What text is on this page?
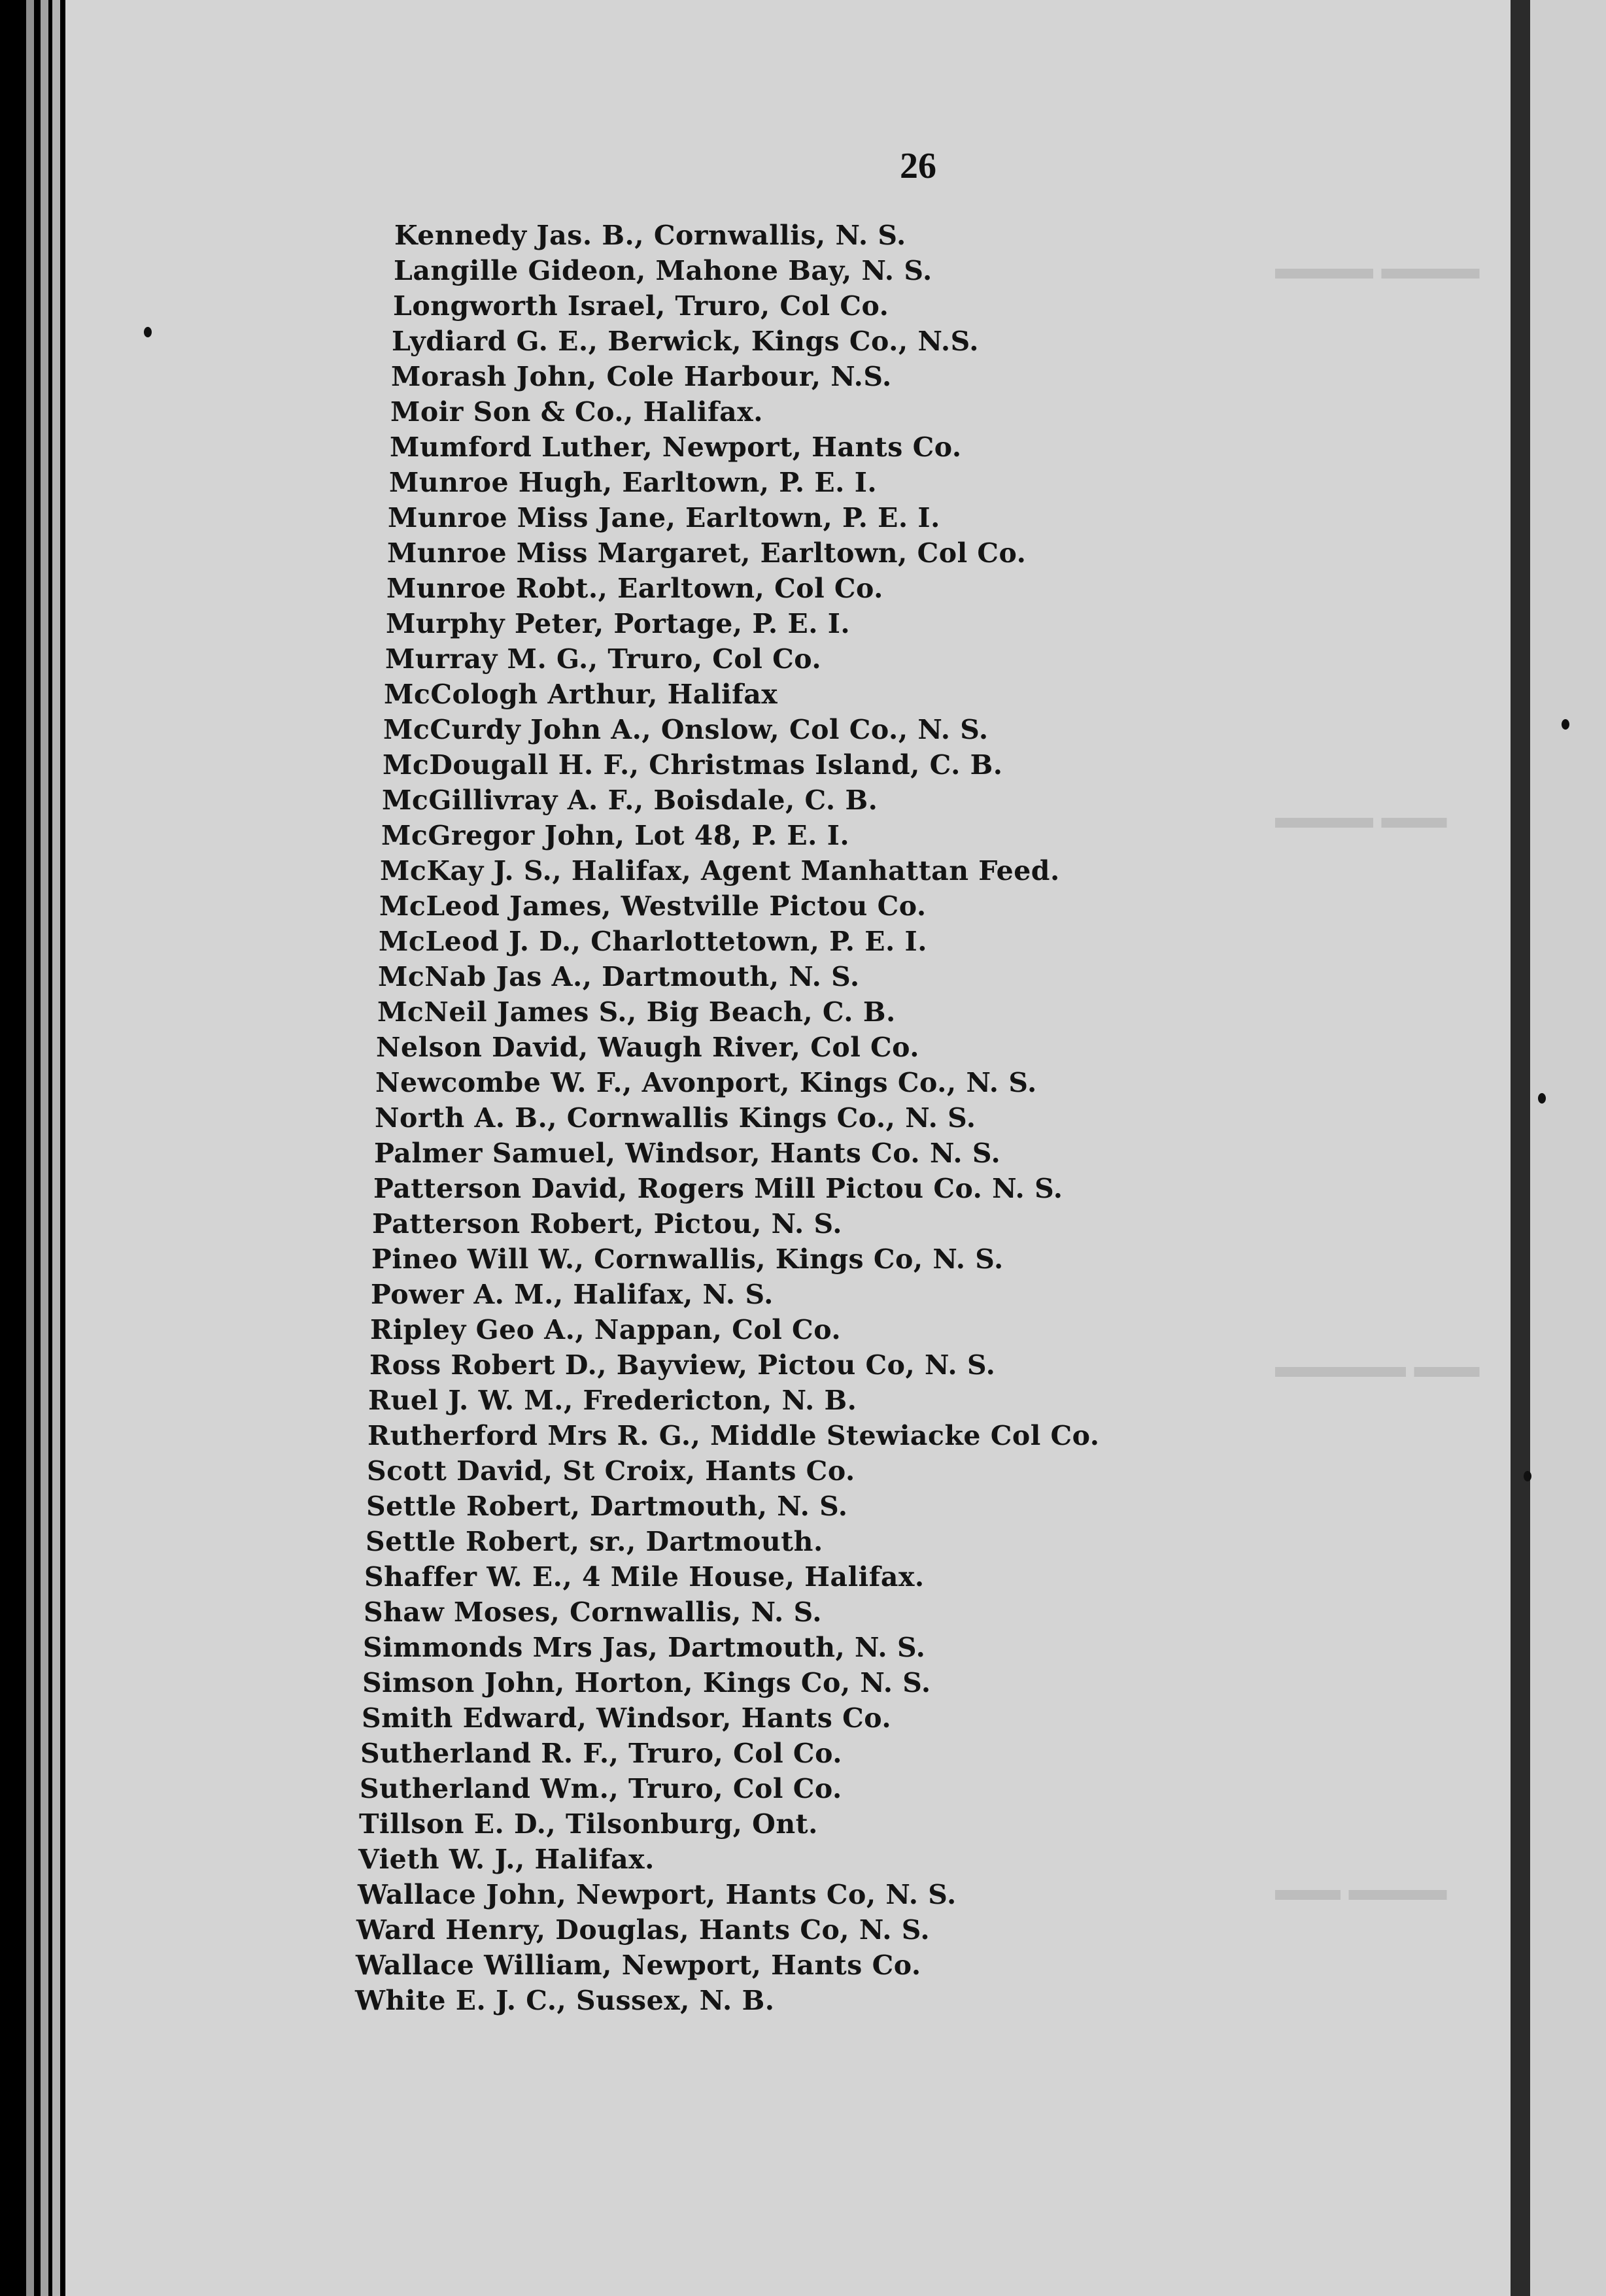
▬▬▬ ▬▬▬
▬▬▬ ▬▬
▬▬▬▬ ▬▬
▬▬ ▬▬▬
26
Kennedy Jas. B., Cornwallis, N. S.
Langille Gideon, Mahone Bay, N. S.
Longworth Israel, Truro, Col Co.
Lydiard G. E., Berwick, Kings Co., N.S.
Morash John, Cole Harbour, N.S.
Moir Son & Co., Halifax.
Mumford Luther, Newport, Hants Co.
Munroe Hugh, Earltown, P. E. I.
Munroe Miss Jane, Earltown, P. E. I.
Munroe Miss Margaret, Earltown, Col Co.
Munroe Robt., Earltown, Col Co.
Murphy Peter, Portage, P. E. I.
Murray M. G., Truro, Col Co.
McCologh Arthur, Halifax
McCurdy John A., Onslow, Col Co., N. S.
McDougall H. F., Christmas Island, C. B.
McGillivray A. F., Boisdale, C. B.
McGregor John, Lot 48, P. E. I.
McKay J. S., Halifax, Agent Manhattan Feed.
McLeod James, Westville Pictou Co.
McLeod J. D., Charlottetown, P. E. I.
McNab Jas A., Dartmouth, N. S.
McNeil James S., Big Beach, C. B.
Nelson David, Waugh River, Col Co.
Newcombe W. F., Avonport, Kings Co., N. S.
North A. B., Cornwallis Kings Co., N. S.
Palmer Samuel, Windsor, Hants Co. N. S.
Patterson David, Rogers Mill Pictou Co. N. S.
Patterson Robert, Pictou, N. S.
Pineo Will W., Cornwallis, Kings Co, N. S.
Power A. M., Halifax, N. S.
Ripley Geo A., Nappan, Col Co.
Ross Robert D., Bayview, Pictou Co, N. S.
Ruel J. W. M., Fredericton, N. B.
Rutherford Mrs R. G., Middle Stewiacke Col Co.
Scott David, St Croix, Hants Co.
Settle Robert, Dartmouth, N. S.
Settle Robert, sr., Dartmouth.
Shaffer W. E., 4 Mile House, Halifax.
Shaw Moses, Cornwallis, N. S.
Simmonds Mrs Jas, Dartmouth, N. S.
Simson John, Horton, Kings Co, N. S.
Smith Edward, Windsor, Hants Co.
Sutherland R. F., Truro, Col Co.
Sutherland Wm., Truro, Col Co.
Tillson E. D., Tilsonburg, Ont.
Vieth W. J., Halifax.
Wallace John, Newport, Hants Co, N. S.
Ward Henry, Douglas, Hants Co, N. S.
Wallace William, Newport, Hants Co.
White E. J. C., Sussex, N. B.
